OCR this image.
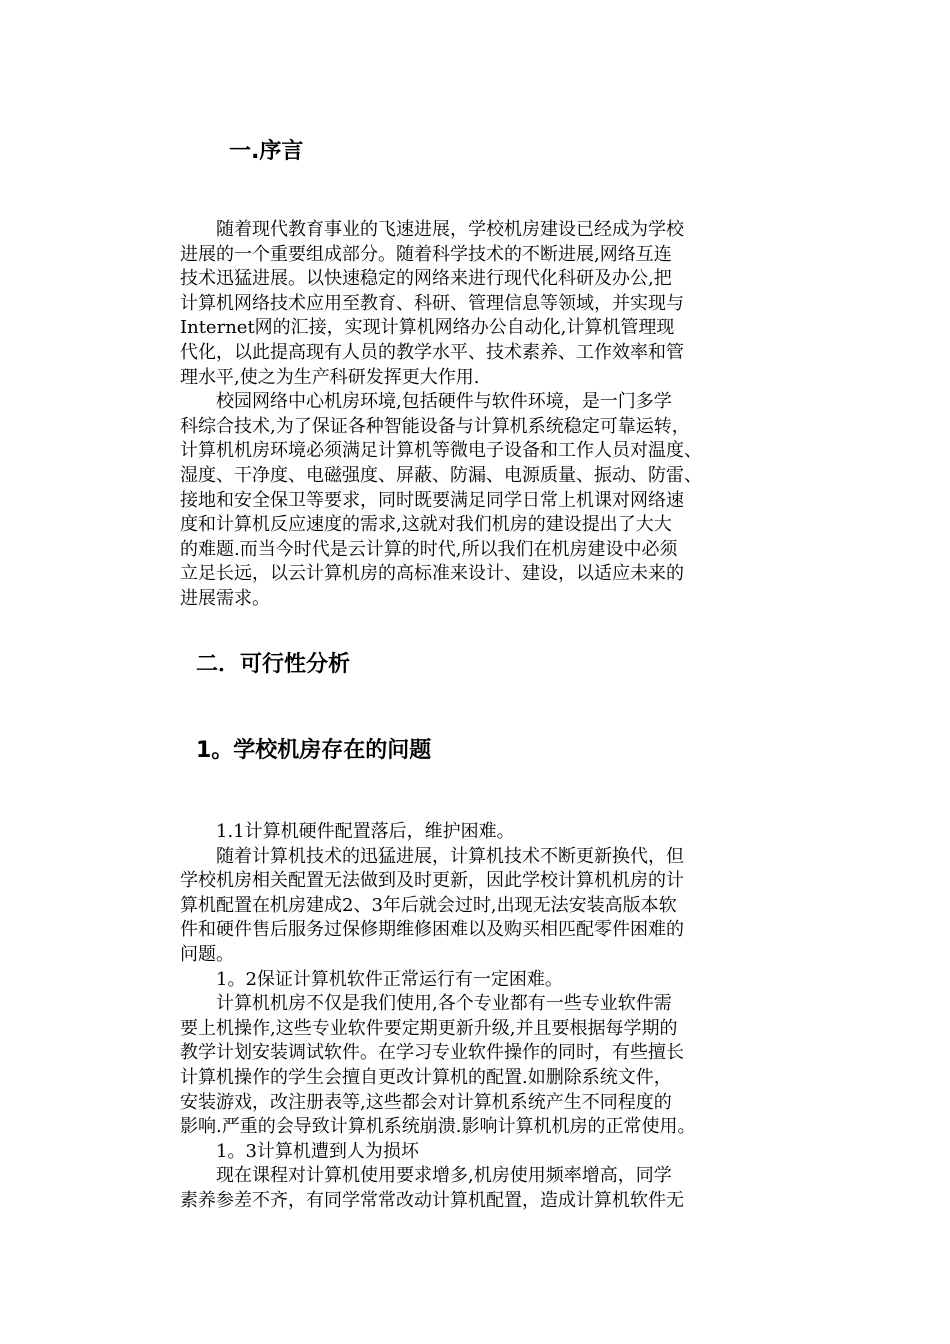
一.序言

　　随着现代教育事业的飞速进展，学校机房建设已经成为学校

进展的一个重要组成部分。随着科学技术的不断进展,网络互连

技术迅猛进展。以快速稳定的网络来进行现代化科研及办公,把

计算机网络技术应用至教育、科研、管理信息等领域，并实现与

Internet网的汇接，实现计算机网络办公自动化,计算机管理现

代化，以此提高现有人员的教学水平、技术素养、工作效率和管

理水平,使之为生产科研发挥更大作用.

　　校园网络中心机房环境,包括硬件与软件环境，是一门多学

科综合技术,为了保证各种智能设备与计算机系统稳定可靠运转，

计算机机房环境必须满足计算机等微电子设备和工作人员对温度、

湿度、干净度、电磁强度、屏蔽、防漏、电源质量、振动、防雷、

接地和安全保卫等要求，同时既要满足同学日常上机课对网络速

度和计算机反应速度的需求,这就对我们机房的建设提出了大大

的难题.而当今时代是云计算的时代,所以我们在机房建设中必须

立足长远，以云计算机房的高标准来设计、建设，以适应未来的

进展需求。

二．可行性分析
1。学校机房存在的问题

　　1.1计算机硬件配置落后，维护困难。

　　随着计算机技术的迅猛进展，计算机技术不断更新换代，但

学校机房相关配置无法做到及时更新，因此学校计算机机房的计

算机配置在机房建成2、3年后就会过时,出现无法安装高版本软

件和硬件售后服务过保修期维修困难以及购买相匹配零件困难的

问题。

　　1。2保证计算机软件正常运行有一定困难。

　　计算机机房不仅是我们使用,各个专业都有一些专业软件需

要上机操作,这些专业软件要定期更新升级,并且要根据每学期的

教学计划安装调试软件。在学习专业软件操作的同时，有些擅长

计算机操作的学生会擅自更改计算机的配置.如删除系统文件，

安装游戏，改注册表等,这些都会对计算机系统产生不同程度的

影响.严重的会导致计算机系统崩溃.影响计算机机房的正常使用。

　　1。3计算机遭到人为损坏

　　现在课程对计算机使用要求增多,机房使用频率增高，同学

素养参差不齐，有同学常常改动计算机配置，造成计算机软件无
